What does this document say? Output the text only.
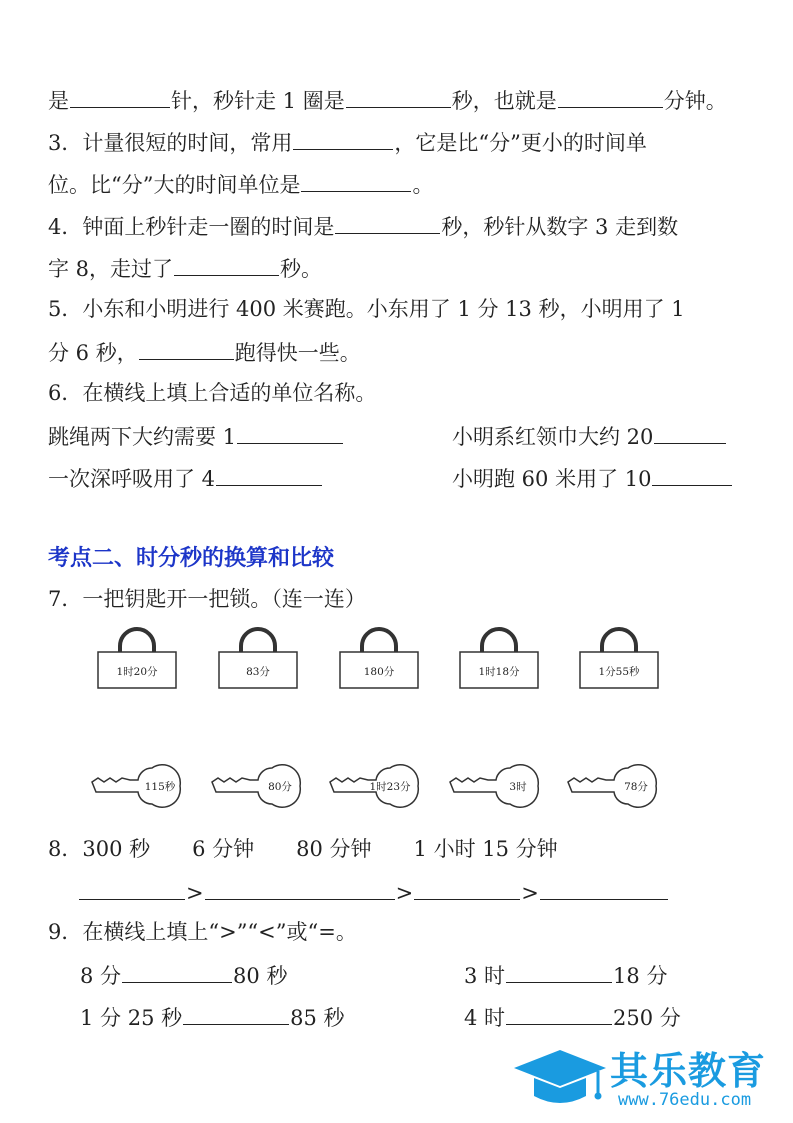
是	针，秒针走 1 圈是	秒，也就是	分钟。
3．计量很短的时间，常用	，它是比“分”更小的时间单
位。比“分”大的时间单位是	。
4．钟面上秒针走一圈的时间是	秒，秒针从数字 3 走到数
字 8，走过了	秒。
5．小东和小明进行 400 米赛跑。小东用了 1 分 13 秒，小明用了 1
分 6 秒，	跑得快一些。
6．在横线上填上合适的单位名称。
跳绳两下大约需要 1	小明系红领巾大约 20
一次深呼吸用了 4	小明跑 60 米用了 10
考点二、时分秒的换算和比较
7．一把钥匙开一把锁。（连一连）
1时20分	83分	180分	1时18分	1分55秒
115秒	80分	1时23分	3时	78分
8．300 秒　　6 分钟　　80 分钟　　1 小时 15 分钟
>	>	>
9．在横线上填上“>”“<”或“=。
8 分	80 秒	3 时	18 分
1 分 25 秒	85 秒	4 时	250 分
其乐教育
www.76edu.com
